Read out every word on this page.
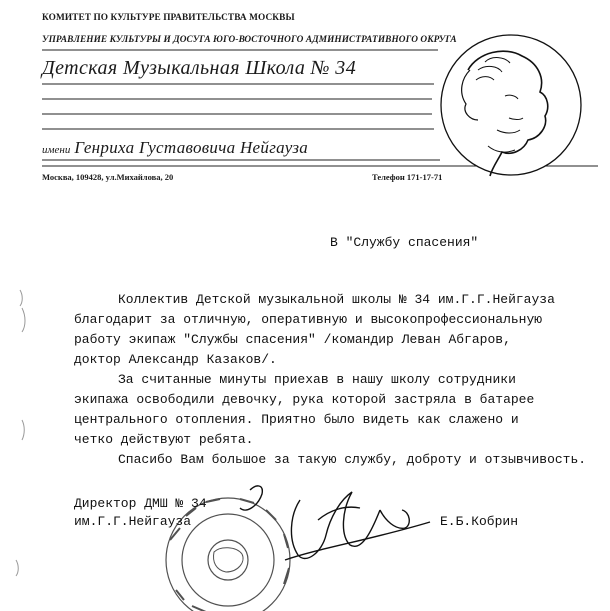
КОМИТЕТ ПО КУЛЬТУРЕ ПРАВИТЕЛЬСТВА МОСКВЫ
УПРАВЛЕНИЕ КУЛЬТУРЫ И ДОСУГА ЮГО-ВОСТОЧНОГО АДМИНИСТРАТИВНОГО ОКРУГА
Детская Музыкальная Школа № 34
имени Генриха Густавовича Нейгауза
Москва, 109428, ул.Михайлова, 20	Телефон 171-17-71
В "Службу спасения"
Коллектив Детской музыкальной школы № 34 им.Г.Г.Нейгауза
благодарит за отличную, оперативную и высокопрофессиональную
работу экипаж "Службы спасения" /командир Леван Абгаров,
доктор Александр Казаков/.
За считанные минуты приехав в нашу школу сотрудники
экипажа освободили девочку, рука которой застряла в батарее
центрального отопления. Приятно было видеть как слажено и
четко действуют ребята.
Спасибо Вам большое за такую службу, доброту и отзывчивость.
Директор ДМШ № 34
им.Г.Г.Нейгауза	Е.Б.Кобрин
